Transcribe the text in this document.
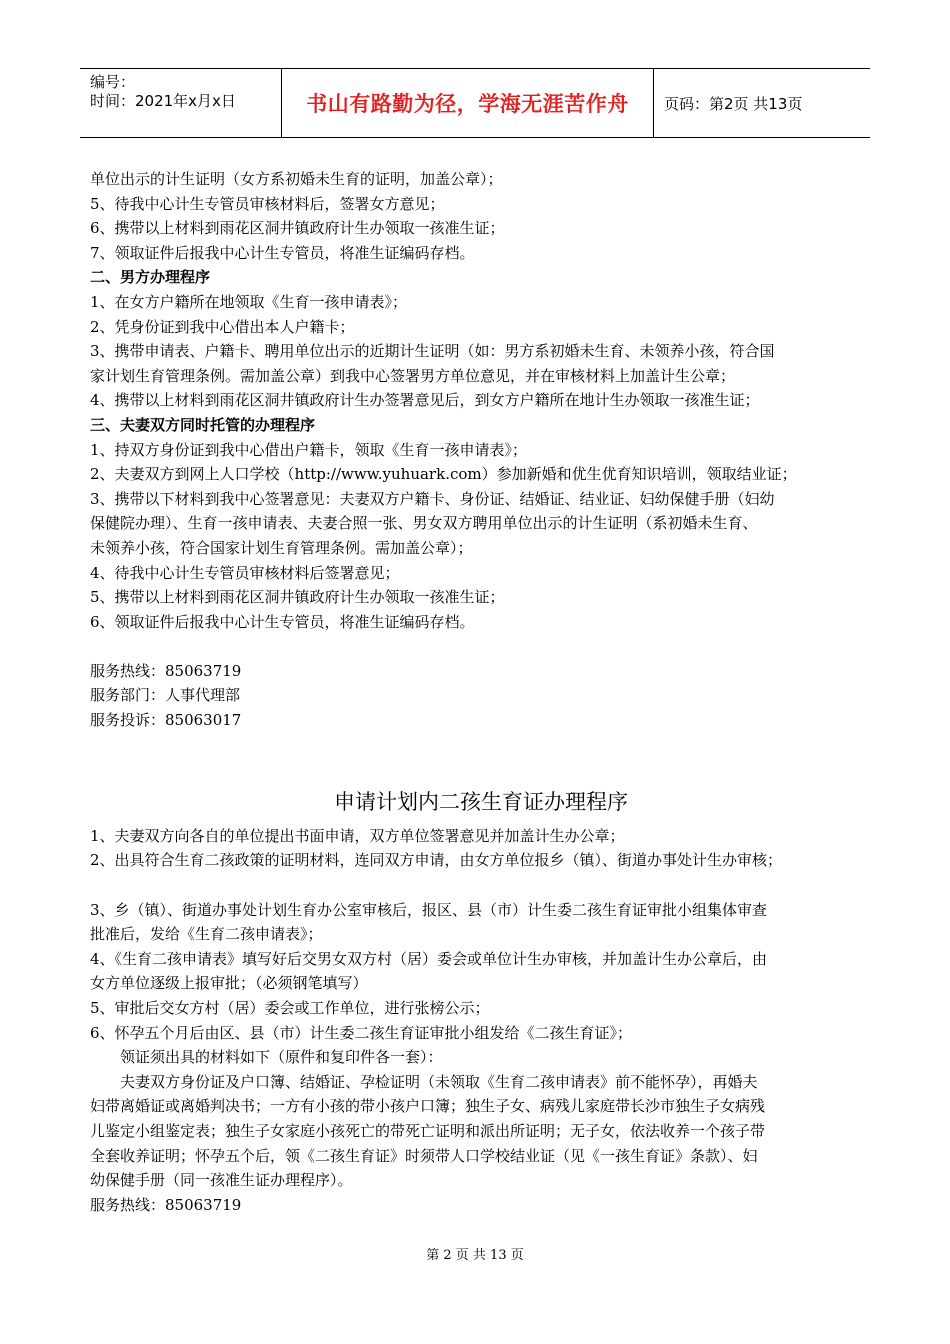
编号：
时间：2021年x月x日	书山有路勤为径，学海无涯苦作舟	页码：第2页 共13页
单位出示的计生证明（女方系初婚未生育的证明，加盖公章）；
5、待我中心计生专管员审核材料后，签署女方意见；
6、携带以上材料到雨花区洞井镇政府计生办领取一孩准生证；
7、领取证件后报我中心计生专管员，将准生证编码存档。
二、男方办理程序
1、在女方户籍所在地领取《生育一孩申请表》；
2、凭身份证到我中心借出本人户籍卡；
3、携带申请表、户籍卡、聘用单位出示的近期计生证明（如：男方系初婚未生育、未领养小孩，符合国
家计划生育管理条例。需加盖公章）到我中心签署男方单位意见，并在审核材料上加盖计生公章；
4、携带以上材料到雨花区洞井镇政府计生办签署意见后，到女方户籍所在地计生办领取一孩准生证；
三、夫妻双方同时托管的办理程序
1、持双方身份证到我中心借出户籍卡，领取《生育一孩申请表》；
2、夫妻双方到网上人口学校（http://www.yuhuark.com）参加新婚和优生优育知识培训，领取结业证；
3、携带以下材料到我中心签署意见：夫妻双方户籍卡、身份证、结婚证、结业证、妇幼保健手册（妇幼
保健院办理）、生育一孩申请表、夫妻合照一张、男女双方聘用单位出示的计生证明（系初婚未生育、
未领养小孩，符合国家计划生育管理条例。需加盖公章）；
4、待我中心计生专管员审核材料后签署意见；
5、携带以上材料到雨花区洞井镇政府计生办领取一孩准生证；
6、领取证件后报我中心计生专管员，将准生证编码存档。
服务热线：85063719
服务部门：人事代理部
服务投诉：85063017
申请计划内二孩生育证办理程序
1、夫妻双方向各自的单位提出书面申请，双方单位签署意见并加盖计生办公章；
2、出具符合生育二孩政策的证明材料，连同双方申请，由女方单位报乡（镇）、街道办事处计生办审核；
3、乡（镇）、街道办事处计划生育办公室审核后，报区、县（市）计生委二孩生育证审批小组集体审查
批准后，发给《生育二孩申请表》；
4、《生育二孩申请表》填写好后交男女双方村（居）委会或单位计生办审核，并加盖计生办公章后，由
女方单位逐级上报审批；（必须钢笔填写）
5、审批后交女方村（居）委会或工作单位，进行张榜公示；
6、怀孕五个月后由区、县（市）计生委二孩生育证审批小组发给《二孩生育证》；
领证须出具的材料如下（原件和复印件各一套）：
夫妻双方身份证及户口簿、结婚证、孕检证明（未领取《生育二孩申请表》前不能怀孕），再婚夫
妇带离婚证或离婚判决书；一方有小孩的带小孩户口簿；独生子女、病残儿家庭带长沙市独生子女病残
儿鉴定小组鉴定表；独生子女家庭小孩死亡的带死亡证明和派出所证明；无子女，依法收养一个孩子带
全套收养证明；怀孕五个后，领《二孩生育证》时须带人口学校结业证（见《一孩生育证》条款）、妇
幼保健手册（同一孩准生证办理程序）。
服务热线：85063719
第 2 页 共 13 页
